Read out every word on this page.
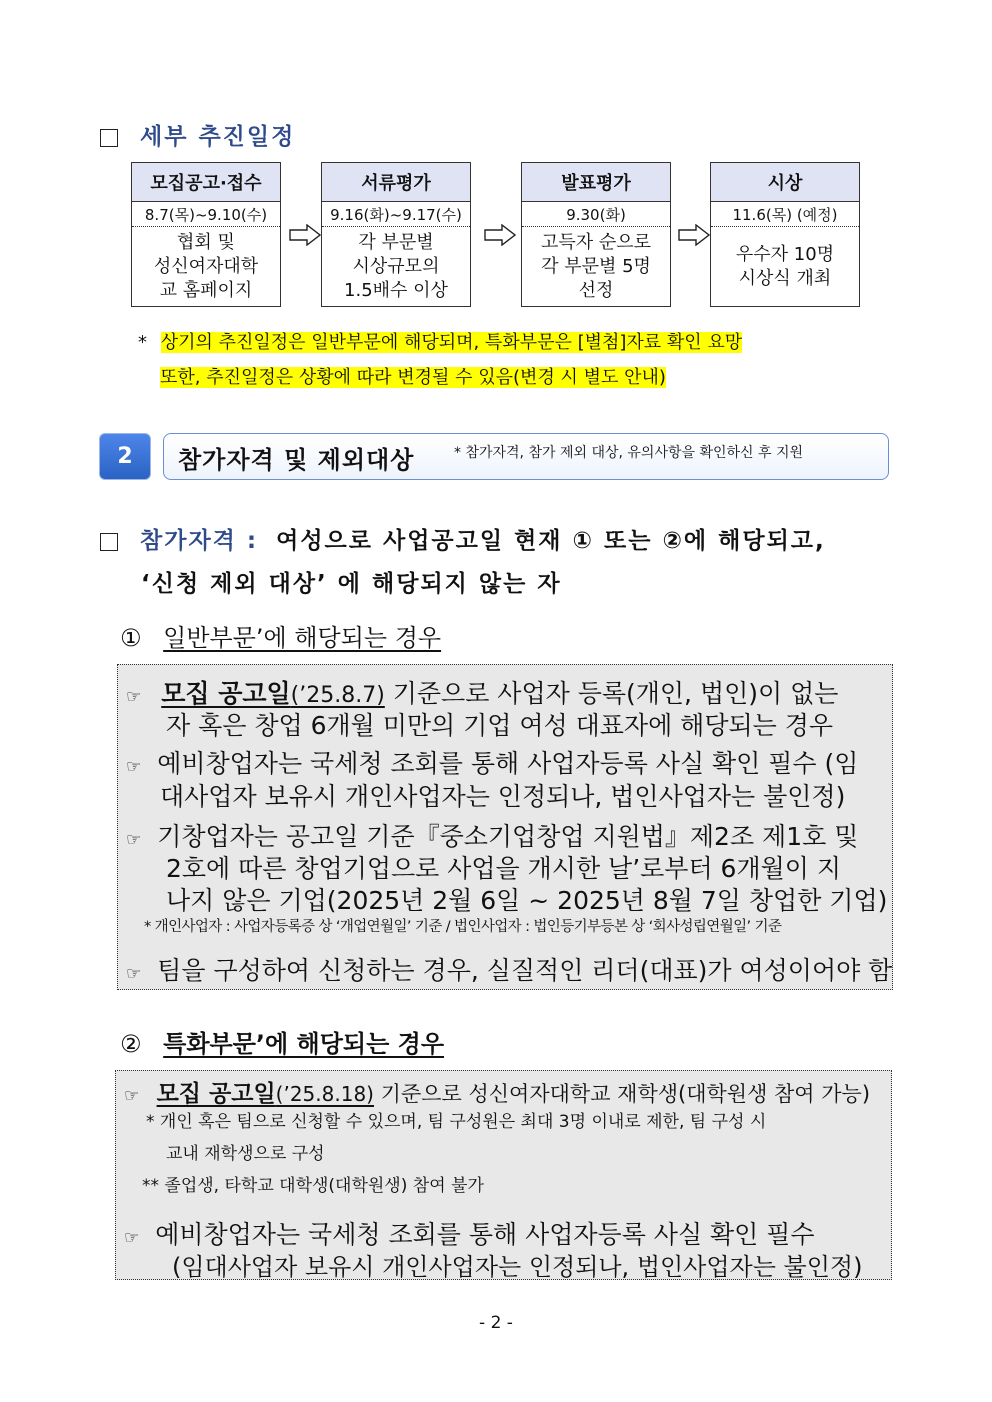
세부 추진일정
모집공고·접수
8.7(목)~9.10(수)
협회 및
성신여자대학
교 홈페이지
서류평가
9.16(화)~9.17(수)
각 부문별
시상규모의
1.5배수 이상
발표평가
9.30(화)
고득자 순으로
각 부문별 5명
선정
시상
11.6(목) (예정)
우수자 10명
시상식 개최
* 상기의 추진일정은 일반부문에 해당되며, 특화부문은 [별첨]자료 확인 요망
또한, 추진일정은 상황에 따라 변경될 수 있음(변경 시 별도 안내)
2	참가자격 및 제외대상	* 참가자격, 참가 제외 대상, 유의사항을 확인하신 후 지원
참가자격 : 여성으로 사업공고일 현재 ① 또는 ②에 해당되고,
‘신청 제외 대상’ 에 해당되지 않는 자
① 일반부문’에 해당되는 경우
☞ 모집 공고일(’25.8.7) 기준으로 사업자 등록(개인, 법인)이 없는
자 혹은 창업 6개월 미만의 기업 여성 대표자에 해당되는 경우
☞ 예비창업자는 국세청 조회를 통해 사업자등록 사실 확인 필수 (임
대사업자 보유시 개인사업자는 인정되나, 법인사업자는 불인정)
☞ 기창업자는 공고일 기준『중소기업창업 지원법』제2조 제1호 및
2호에 따른 창업기업으로 사업을 개시한 날’로부터 6개월이 지
나지 않은 기업(2025년 2월 6일 ~ 2025년 8월 7일 창업한 기업)
* 개인사업자 : 사업자등록증 상 ‘개업연월일’ 기준 / 법인사업자 : 법인등기부등본 상 ‘회사성립연월일’ 기준
☞ 팀을 구성하여 신청하는 경우, 실질적인 리더(대표)가 여성이어야 함
② 특화부문’에 해당되는 경우
☞ 모집 공고일(’25.8.18) 기준으로 성신여자대학교 재학생(대학원생 참여 가능)
* 개인 혹은 팀으로 신청할 수 있으며, 팀 구성원은 최대 3명 이내로 제한, 팀 구성 시
교내 재학생으로 구성
** 졸업생, 타학교 대학생(대학원생) 참여 불가
☞ 예비창업자는 국세청 조회를 통해 사업자등록 사실 확인 필수
(임대사업자 보유시 개인사업자는 인정되나, 법인사업자는 불인정)
- 2 -
